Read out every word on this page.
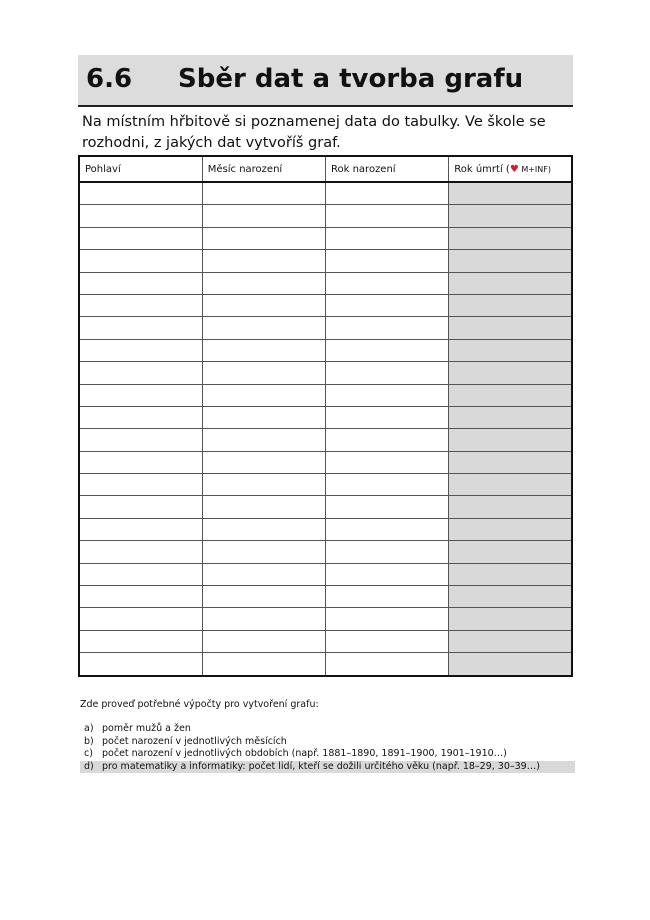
6.6 Sběr dat a tvorba grafu

Na místním hřbitově si poznamenej data do tabulky. Ve škole se

rozhodni, z jakých dat vytvoříš graf.

Pohlaví	Měsíc narození	Rok narození	Rok úmrtí (♥ M+INF)

Zde proveď potřebné výpočty pro vytvoření grafu:

a) poměr mužů a žen
b) počet narození v jednotlivých měsících
c) počet narození v jednotlivých obdobích (např. 1881–1890, 1891–1900, 1901–1910…)
d) pro matematiky a informatiky: počet lidí, kteří se dožili určitého věku (např. 18–29, 30–39…)
